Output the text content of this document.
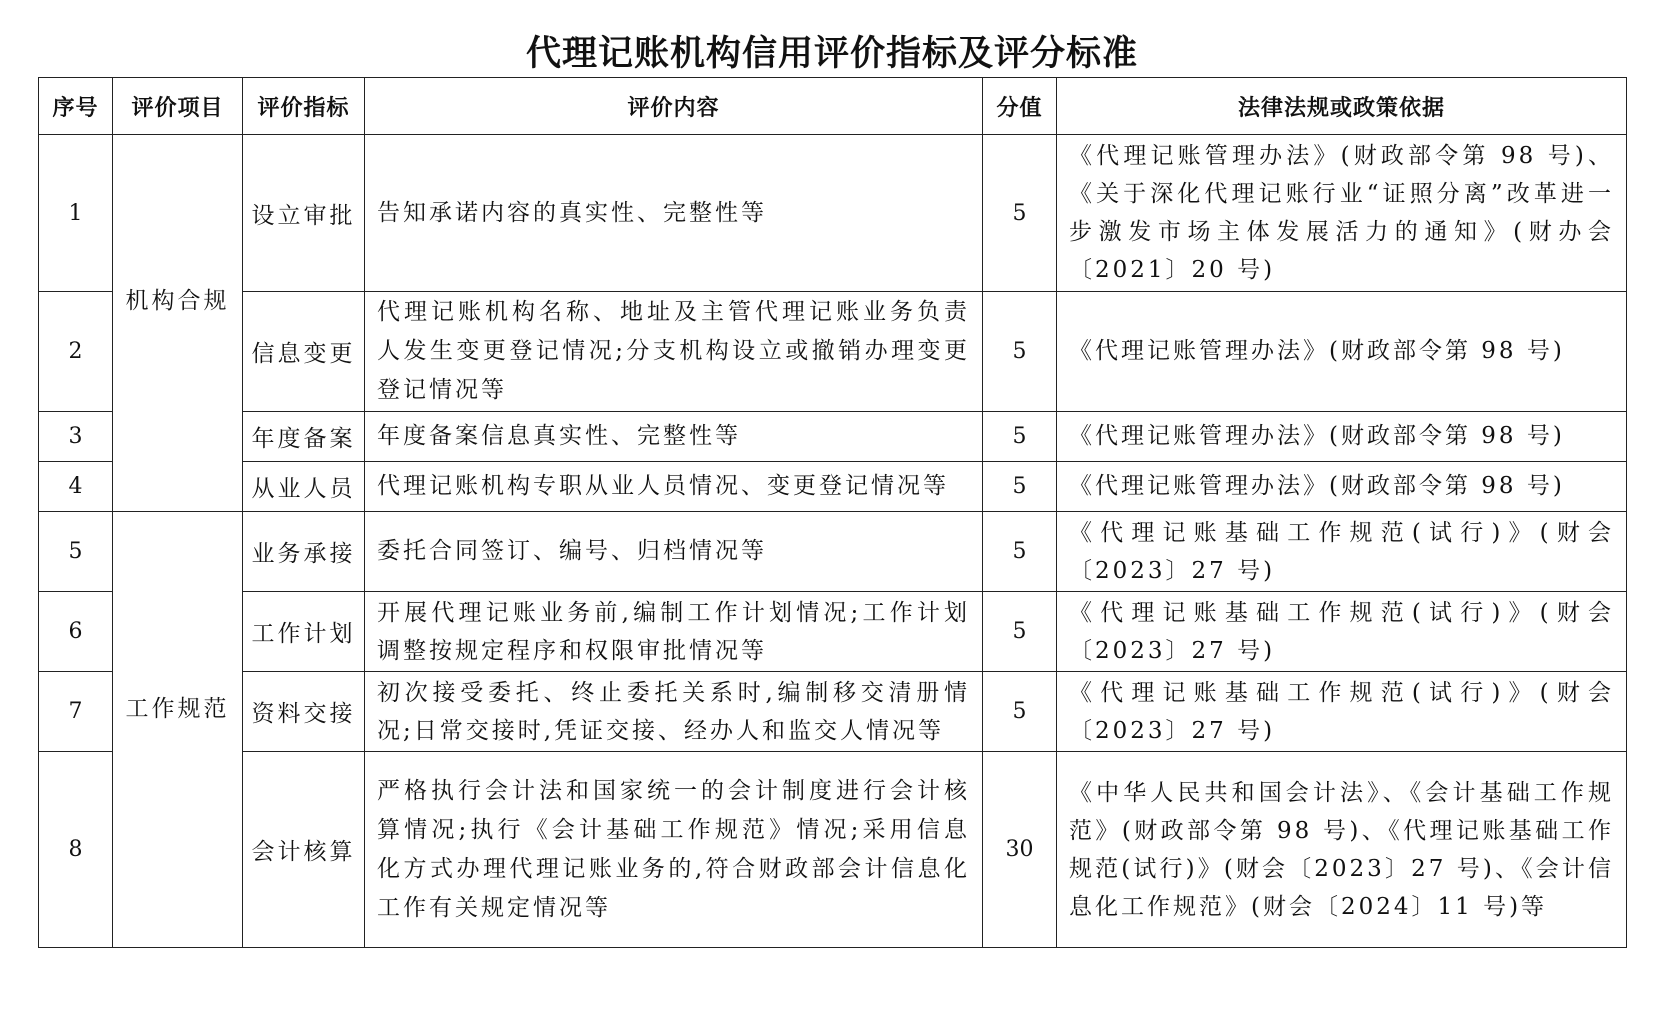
代理记账机构信用评价指标及评分标准
序号	评价项目	评价指标	评价内容	分值	法律法规或政策依据
1	机构合规	设立审批	告知承诺内容的真实性、完整性等	5	《代理记账管理办法》(财政部令第 98 号)、《关于深化代理记账行业“证照分离”改革进一步激发市场主体发展活力的通知》(财办会〔2021〕20 号)
2		信息变更	代理记账机构名称、地址及主管代理记账业务负责人发生变更登记情况;分支机构设立或撤销办理变更登记情况等	5	《代理记账管理办法》(财政部令第 98 号)
3		年度备案	年度备案信息真实性、完整性等	5	《代理记账管理办法》(财政部令第 98 号)
4		从业人员	代理记账机构专职从业人员情况、变更登记情况等	5	《代理记账管理办法》(财政部令第 98 号)
5	工作规范	业务承接	委托合同签订、编号、归档情况等	5	《代理记账基础工作规范(试行)》(财会〔2023〕27 号)
6		工作计划	开展代理记账业务前,编制工作计划情况;工作计划调整按规定程序和权限审批情况等	5	《代理记账基础工作规范(试行)》(财会〔2023〕27 号)
7		资料交接	初次接受委托、终止委托关系时,编制移交清册情况;日常交接时,凭证交接、经办人和监交人情况等	5	《代理记账基础工作规范(试行)》(财会〔2023〕27 号)
8		会计核算	严格执行会计法和国家统一的会计制度进行会计核算情况;执行《会计基础工作规范》情况;采用信息化方式办理代理记账业务的,符合财政部会计信息化工作有关规定情况等	30	《中华人民共和国会计法》、《会计基础工作规范》(财政部令第 98 号)、《代理记账基础工作规范(试行)》(财会〔2023〕27 号)、《会计信息化工作规范》(财会〔2024〕11 号)等
